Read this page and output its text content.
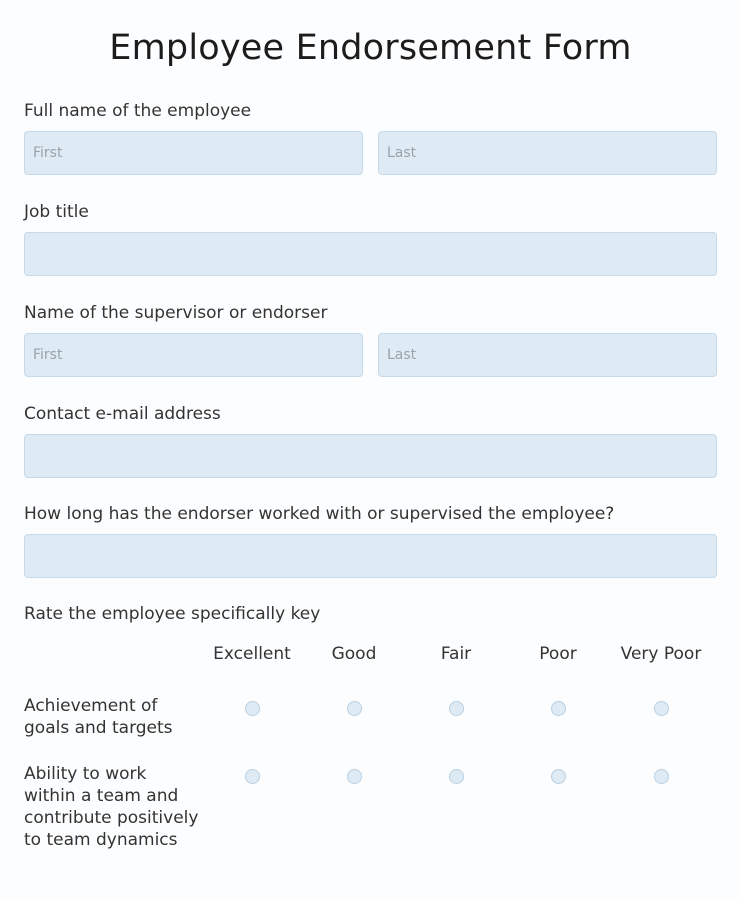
Employee Endorsement Form
Full name of the employee
First
Last
Job title
Name of the supervisor or endorser
First
Last
Contact e-mail address
How long has the endorser worked with or supervised the employee?
Rate the employee specifically key
Excellent	Good	Fair	Poor	Very Poor
Achievement of goals and targets
Ability to work within a team and contribute positively to team dynamics
